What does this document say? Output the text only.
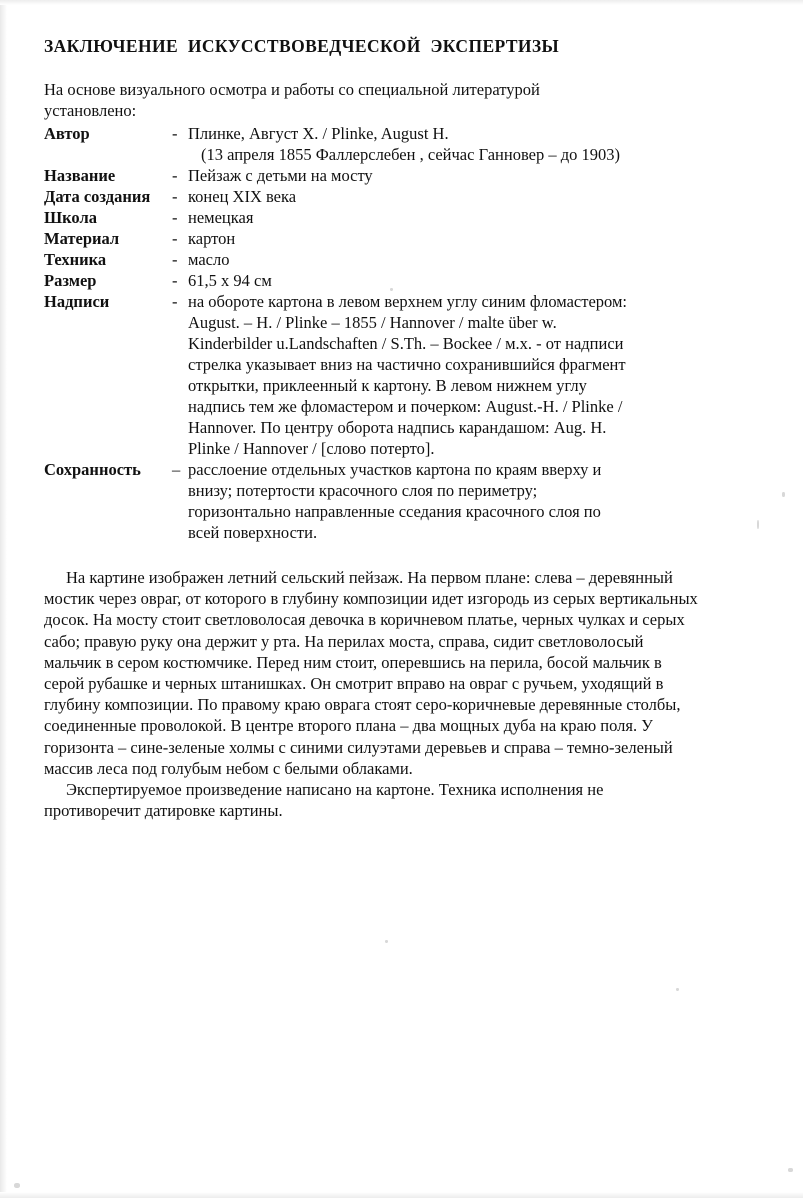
ЗАКЛЮЧЕНИЕ ИСКУССТВОВЕДЧЕСКОЙ ЭКСПЕРТИЗЫ

На основе визуального осмотра и работы со специальной литературой
установлено:

Автор	- Плинке, Август Х. / Plinke, August H.
(13 апреля 1855 Фаллерслебен , сейчас Ганновер – до 1903)
Название	- Пейзаж с детьми на мосту
Дата создания	- конец XIX века
Школа	- немецкая
Материал	- картон
Техника	- масло
Размер	- 61,5 х 94 см
Надписи	- на обороте картона в левом верхнем углу синим фломастером:
August. – H. / Plinke – 1855 / Hannover / malte über w.
Kinderbilder u.Landschaften / S.Th. – Bockee / м.х. - от надписи
стрелка указывает вниз на частично сохранившийся фрагмент
открытки, приклеенный к картону. В левом нижнем углу
надпись тем же фломастером и почерком: August.-H. / Plinke /
Hannover. По центру оборота надпись карандашом: Aug. H.
Plinke / Hannover / [слово потерто].
Сохранность	– расслоение отдельных участков картона по краям вверху и
внизу; потертости красочного слоя по периметру;
горизонтально направленные сседания красочного слоя по
всей поверхности.

На картине изображен летний сельский пейзаж. На первом плане: слева – деревянный мостик через овраг, от которого в глубину композиции идет изгородь из серых вертикальных досок. На мосту стоит светловолосая девочка в коричневом платье, черных чулках и серых сабо; правую руку она держит у рта. На перилах моста, справа, сидит светловолосый мальчик в сером костюмчике. Перед ним стоит, оперевшись на перила, босой мальчик в серой рубашке и черных штанишках. Он смотрит вправо на овраг с ручьем, уходящий в глубину композиции. По правому краю оврага стоят серо-коричневые деревянные столбы, соединенные проволокой. В центре второго плана – два мощных дуба на краю поля. У горизонта – сине-зеленые холмы с синими силуэтами деревьев и справа – темно-зеленый массив леса под голубым небом с белыми облаками.

Экспертируемое произведение написано на картоне. Техника исполнения не противоречит датировке картины.
